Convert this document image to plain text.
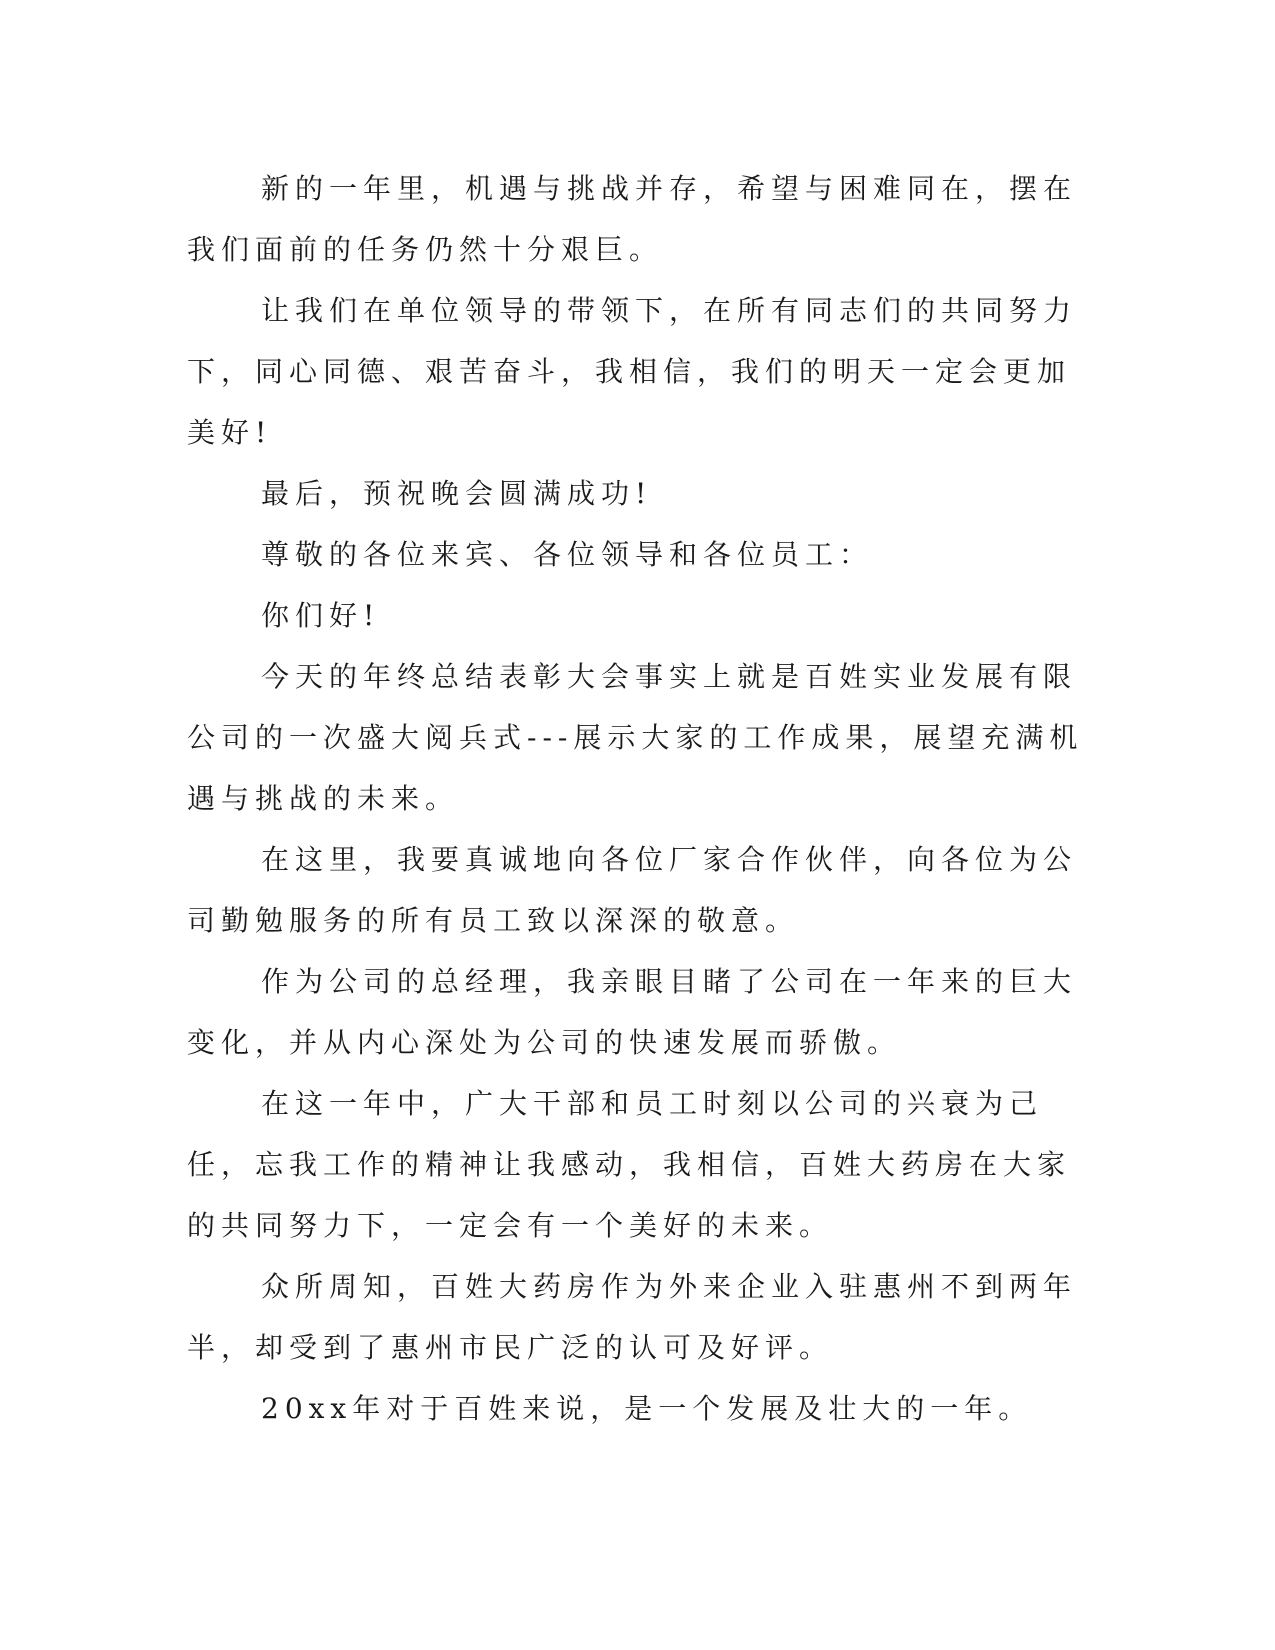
新的一年里，机遇与挑战并存，希望与困难同在，摆在我们面前的任务仍然十分艰巨。

让我们在单位领导的带领下，在所有同志们的共同努力下，同心同德、艰苦奋斗，我相信，我们的明天一定会更加美好!

最后，预祝晚会圆满成功!

尊敬的各位来宾、各位领导和各位员工：

你们好!

今天的年终总结表彰大会事实上就是百姓实业发展有限公司的一次盛大阅兵式---展示大家的工作成果，展望充满机遇与挑战的未来。

在这里，我要真诚地向各位厂家合作伙伴，向各位为公司勤勉服务的所有员工致以深深的敬意。

作为公司的总经理，我亲眼目睹了公司在一年来的巨大变化，并从内心深处为公司的快速发展而骄傲。

在这一年中，广大干部和员工时刻以公司的兴衰为己任，忘我工作的精神让我感动，我相信，百姓大药房在大家的共同努力下，一定会有一个美好的未来。

众所周知，百姓大药房作为外来企业入驻惠州不到两年半，却受到了惠州市民广泛的认可及好评。

20xx年对于百姓来说，是一个发展及壮大的一年。
